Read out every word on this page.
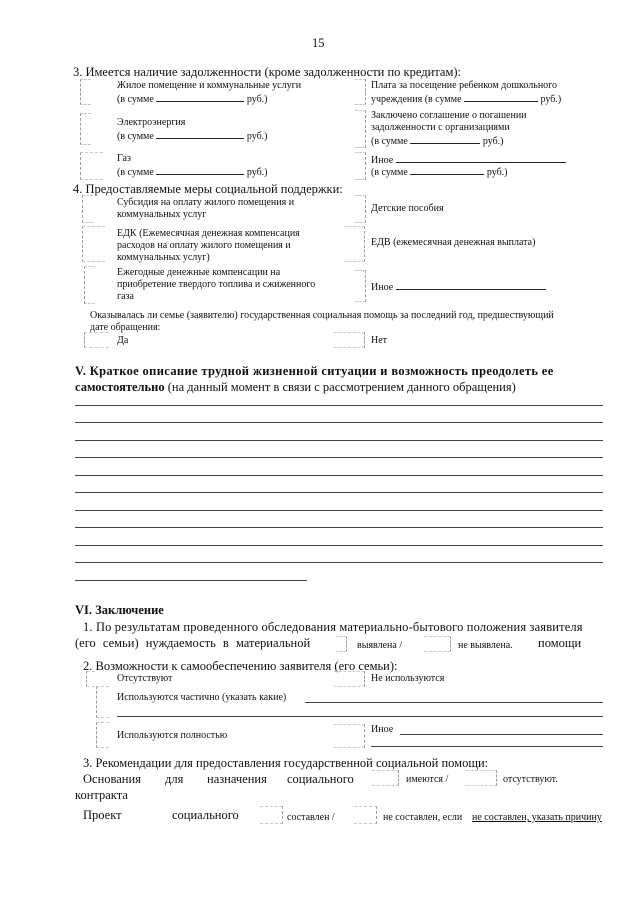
15
3. Имеется наличие задолженности (кроме задолженности по кредитам):
Жилое помещение и коммунальные услуги
(в сумме	руб.)
Плата за посещение ребенком дошкольного
учреждения (в сумме	руб.)
Электроэнергия
(в сумме	руб.)
Заключено соглашение о погашении
задолженности с организациями
(в сумме	руб.)
Газ
(в сумме	руб.)
Иное
(в сумме	руб.)
4. Предоставляемые меры социальной поддержки:
Субсидия на оплату жилого помещения и
коммунальных услуг
Детские пособия
ЕДК (Ежемесячная денежная компенсация
расходов на оплату жилого помещения и
коммунальных услуг)
ЕДВ (ежемесячная денежная выплата)
Ежегодные денежные компенсации на
приобретение твердого топлива и сжиженного
газа
Иное
Оказывалась ли семье (заявителю) государственная социальная помощь за последний год, предшествующий
дате обращения:
Да	Нет
V. Краткое описание трудной жизненной ситуации и возможность преодолеть ее
самостоятельно (на данный момент в связи с рассмотрением данного обращения)
VI. Заключение
1. По результатам проведенного обследования материально-бытового положения заявителя
(его семьи) нуждаемость в материальной	выявлена /	не выявлена. помощи
2. Возможности к самообеспечению заявителя (его семьи):
Отсутствуют	Не используются
Используются частично (указать какие)
Иное
Используются полностью
3. Рекомендации для предоставления государственной социальной помощи:
Основания для назначения социального	имеются /	отсутствуют.
контракта
Проект	социального	составлен /	не составлен, если не составлен, указать причину
